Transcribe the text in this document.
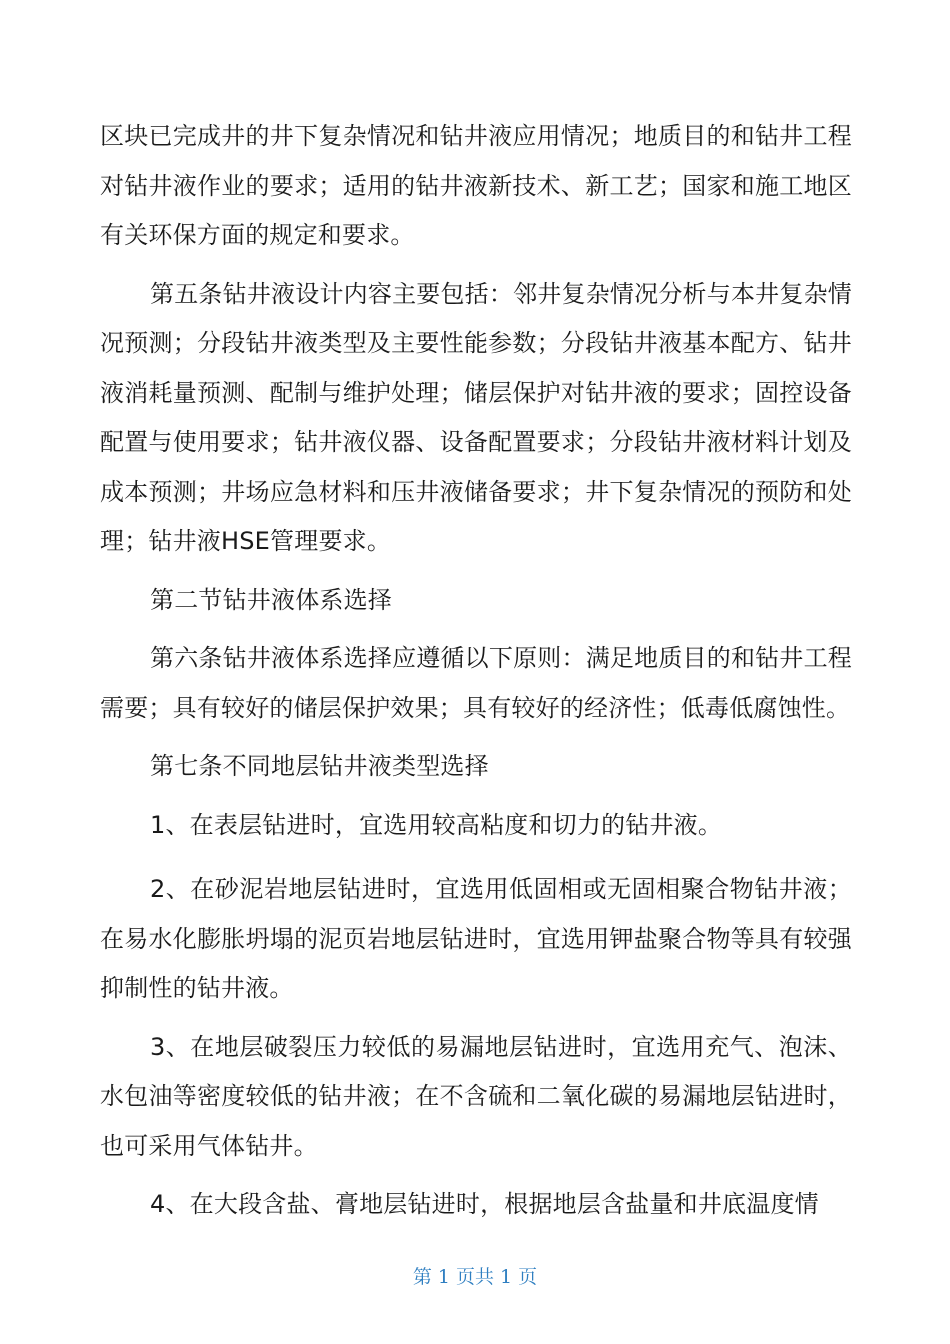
区块已完成井的井下复杂情况和钻井液应用情况；地质目的和钻井工程对钻井液作业的要求；适用的钻井液新技术、新工艺；国家和施工地区有关环保方面的规定和要求。

第五条钻井液设计内容主要包括：邻井复杂情况分析与本井复杂情况预测；分段钻井液类型及主要性能参数；分段钻井液基本配方、钻井液消耗量预测、配制与维护处理；储层保护对钻井液的要求；固控设备配置与使用要求；钻井液仪器、设备配置要求；分段钻井液材料计划及成本预测；井场应急材料和压井液储备要求；井下复杂情况的预防和处理；钻井液HSE管理要求。

第二节钻井液体系选择

第六条钻井液体系选择应遵循以下原则：满足地质目的和钻井工程需要；具有较好的储层保护效果；具有较好的经济性；低毒低腐蚀性。

第七条不同地层钻井液类型选择

1、在表层钻进时，宜选用较高粘度和切力的钻井液。

2、在砂泥岩地层钻进时，宜选用低固相或无固相聚合物钻井液；在易水化膨胀坍塌的泥页岩地层钻进时，宜选用钾盐聚合物等具有较强抑制性的钻井液。

3、在地层破裂压力较低的易漏地层钻进时，宜选用充气、泡沫、水包油等密度较低的钻井液；在不含硫和二氧化碳的易漏地层钻进时，也可采用气体钻井。

4、在大段含盐、膏地层钻进时，根据地层含盐量和井底温度情

第 1 页共 1 页
